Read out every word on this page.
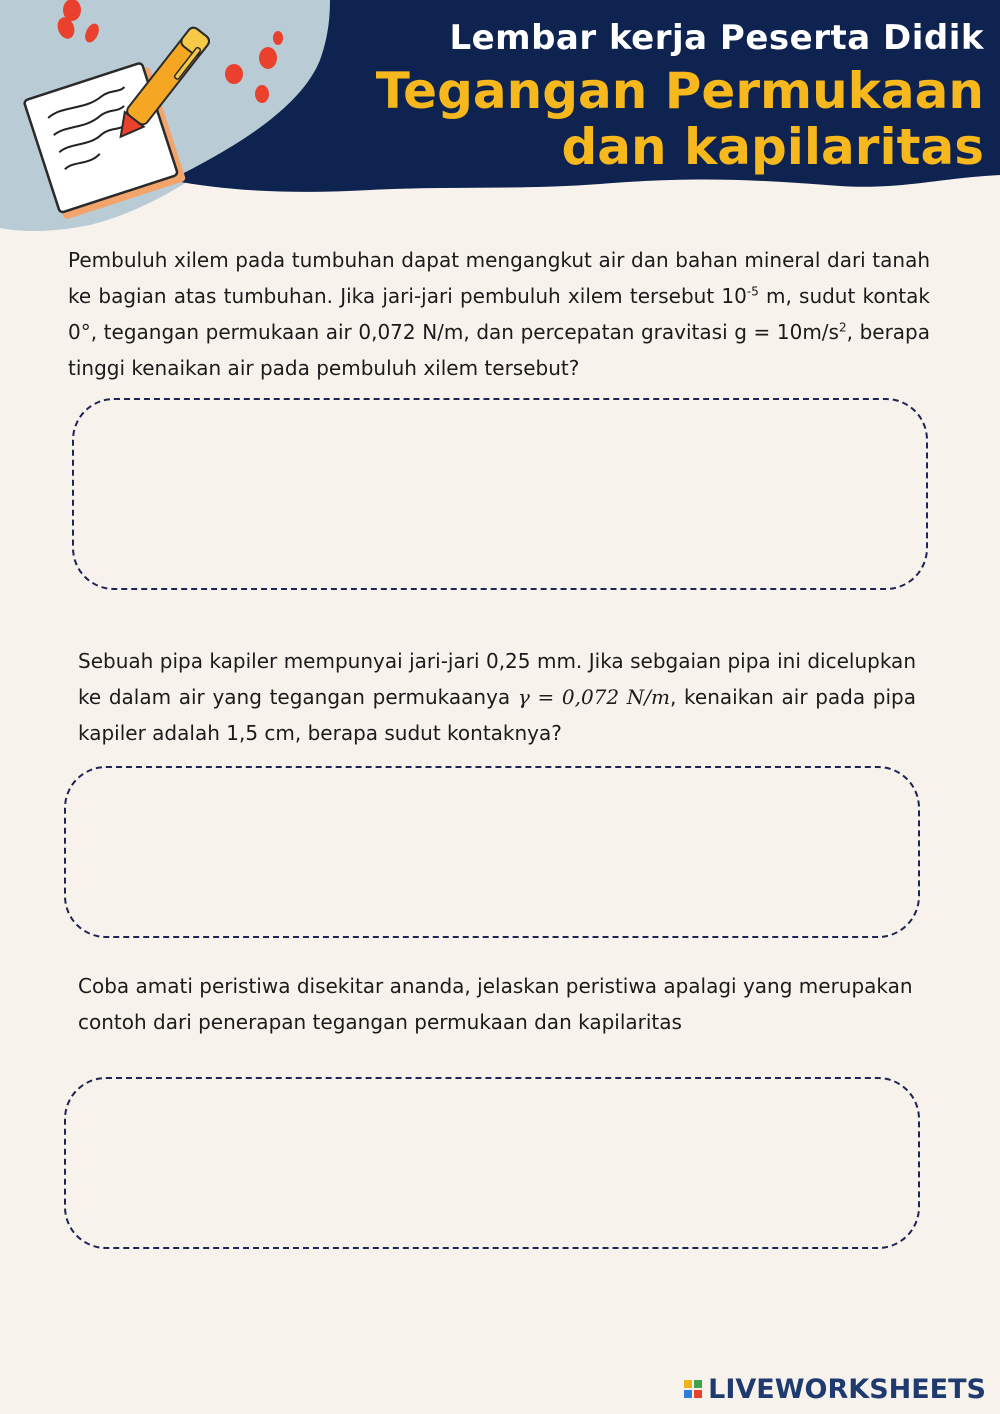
Lembar kerja Peserta Didik
Tegangan Permukaan
dan kapilaritas
Pembuluh xilem pada tumbuhan dapat mengangkut air dan bahan mineral dari tanah ke bagian atas tumbuhan. Jika jari-jari pembuluh xilem tersebut $10^{-5}$ m, sudut kontak 0°, tegangan permukaan air 0,072 N/m, dan percepatan gravitasi $g = 10m/s^2$, berapa tinggi kenaikan air pada pembuluh xilem tersebut?
Sebuah pipa kapiler mempunyai jari-jari 0,25 mm. Jika sebgaian pipa ini dicelupkan ke dalam air yang tegangan permukaanya γ = 0,072 N/m, kenaikan air pada pipa kapiler adalah 1,5 cm, berapa sudut kontaknya?
Coba amati peristiwa disekitar ananda, jelaskan peristiwa apalagi yang merupakan contoh dari penerapan tegangan permukaan dan kapilaritas
LIVEWORKSHEETS
